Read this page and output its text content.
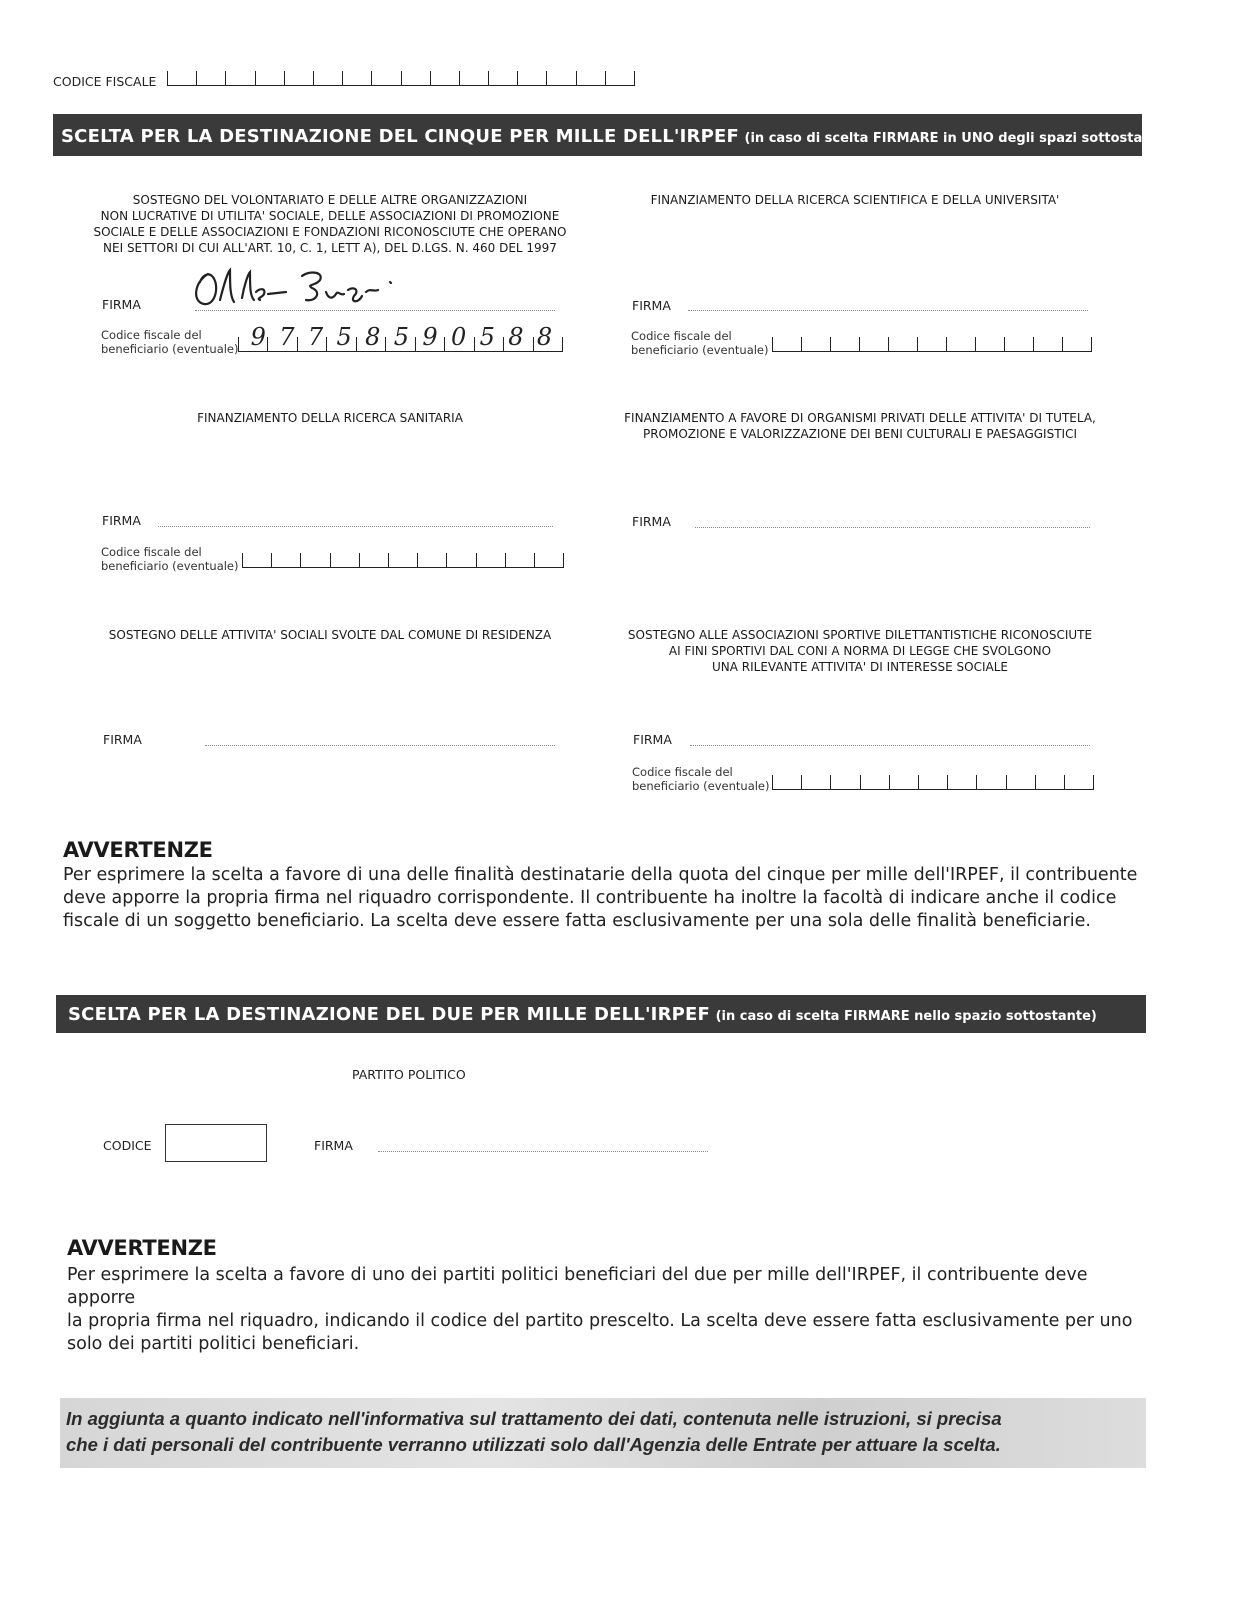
CODICE FISCALE
SCELTA PER LA DESTINAZIONE DEL CINQUE PER MILLE DELL'IRPEF (in caso di scelta FIRMARE in UNO degli spazi sottostanti)
SOSTEGNO DEL VOLONTARIATO E DELLE ALTRE ORGANIZZAZIONI
NON LUCRATIVE DI UTILITA' SOCIALE, DELLE ASSOCIAZIONI DI PROMOZIONE
SOCIALE E DELLE ASSOCIAZIONI E FONDAZIONI RICONOSCIUTE CHE OPERANO
NEI SETTORI DI CUI ALL'ART. 10, C. 1, LETT A), DEL D.LGS. N. 460 DEL 1997
FIRMA
Codice fiscale del
beneficiario (eventuale) 9 7 7 5 8 5 9 0 5 8 8
FINANZIAMENTO DELLA RICERCA SCIENTIFICA E DELLA UNIVERSITA'
FIRMA
Codice fiscale del
beneficiario (eventuale)
FINANZIAMENTO DELLA RICERCA SANITARIA
FIRMA
Codice fiscale del
beneficiario (eventuale)
FINANZIAMENTO A FAVORE DI ORGANISMI PRIVATI DELLE ATTIVITA' DI TUTELA,
PROMOZIONE E VALORIZZAZIONE DEI BENI CULTURALI E PAESAGGISTICI
FIRMA
SOSTEGNO DELLE ATTIVITA' SOCIALI SVOLTE DAL COMUNE DI RESIDENZA
FIRMA
SOSTEGNO ALLE ASSOCIAZIONI SPORTIVE DILETTANTISTICHE RICONOSCIUTE
AI FINI SPORTIVI DAL CONI A NORMA DI LEGGE CHE SVOLGONO
UNA RILEVANTE ATTIVITA' DI INTERESSE SOCIALE
FIRMA
Codice fiscale del
beneficiario (eventuale)
AVVERTENZE
Per esprimere la scelta a favore di una delle finalità destinatarie della quota del cinque per mille dell'IRPEF, il contribuente
deve apporre la propria firma nel riquadro corrispondente. Il contribuente ha inoltre la facoltà di indicare anche il codice
fiscale di un soggetto beneficiario. La scelta deve essere fatta esclusivamente per una sola delle finalità beneficiarie.
SCELTA PER LA DESTINAZIONE DEL DUE PER MILLE DELL'IRPEF (in caso di scelta FIRMARE nello spazio sottostante)
PARTITO POLITICO
CODICE	FIRMA
AVVERTENZE
Per esprimere la scelta a favore di uno dei partiti politici beneficiari del due per mille dell'IRPEF, il contribuente deve apporre
la propria firma nel riquadro, indicando il codice del partito prescelto. La scelta deve essere fatta esclusivamente per uno
solo dei partiti politici beneficiari.
In aggiunta a quanto indicato nell'informativa sul trattamento dei dati, contenuta nelle istruzioni, si precisa
che i dati personali del contribuente verranno utilizzati solo dall'Agenzia delle Entrate per attuare la scelta.
